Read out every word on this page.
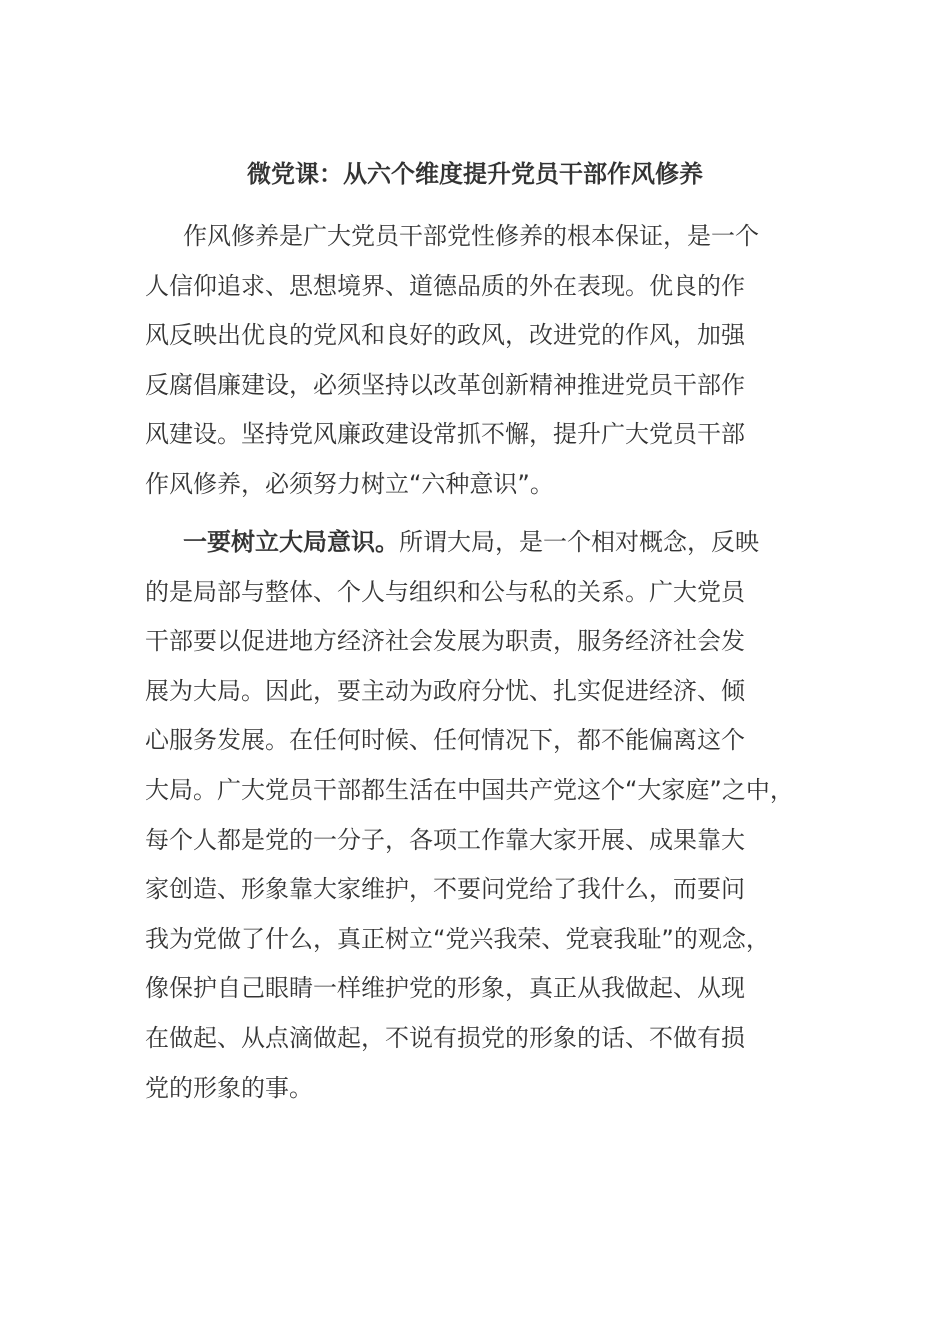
微党课：从六个维度提升党员干部作风修养
作风修养是广大党员干部党性修养的根本保证，是一个
人信仰追求、思想境界、道德品质的外在表现。优良的作
风反映出优良的党风和良好的政风，改进党的作风，加强
反腐倡廉建设，必须坚持以改革创新精神推进党员干部作
风建设。坚持党风廉政建设常抓不懈，提升广大党员干部
作风修养，必须努力树立“六种意识”。
一要树立大局意识。所谓大局，是一个相对概念，反映
的是局部与整体、个人与组织和公与私的关系。广大党员
干部要以促进地方经济社会发展为职责，服务经济社会发
展为大局。因此，要主动为政府分忧、扎实促进经济、倾
心服务发展。在任何时候、任何情况下，都不能偏离这个
大局。广大党员干部都生活在中国共产党这个“大家庭”之中，
每个人都是党的一分子，各项工作靠大家开展、成果靠大
家创造、形象靠大家维护，不要问党给了我什么，而要问
我为党做了什么，真正树立“党兴我荣、党衰我耻”的观念，
像保护自己眼睛一样维护党的形象，真正从我做起、从现
在做起、从点滴做起，不说有损党的形象的话、不做有损
党的形象的事。
